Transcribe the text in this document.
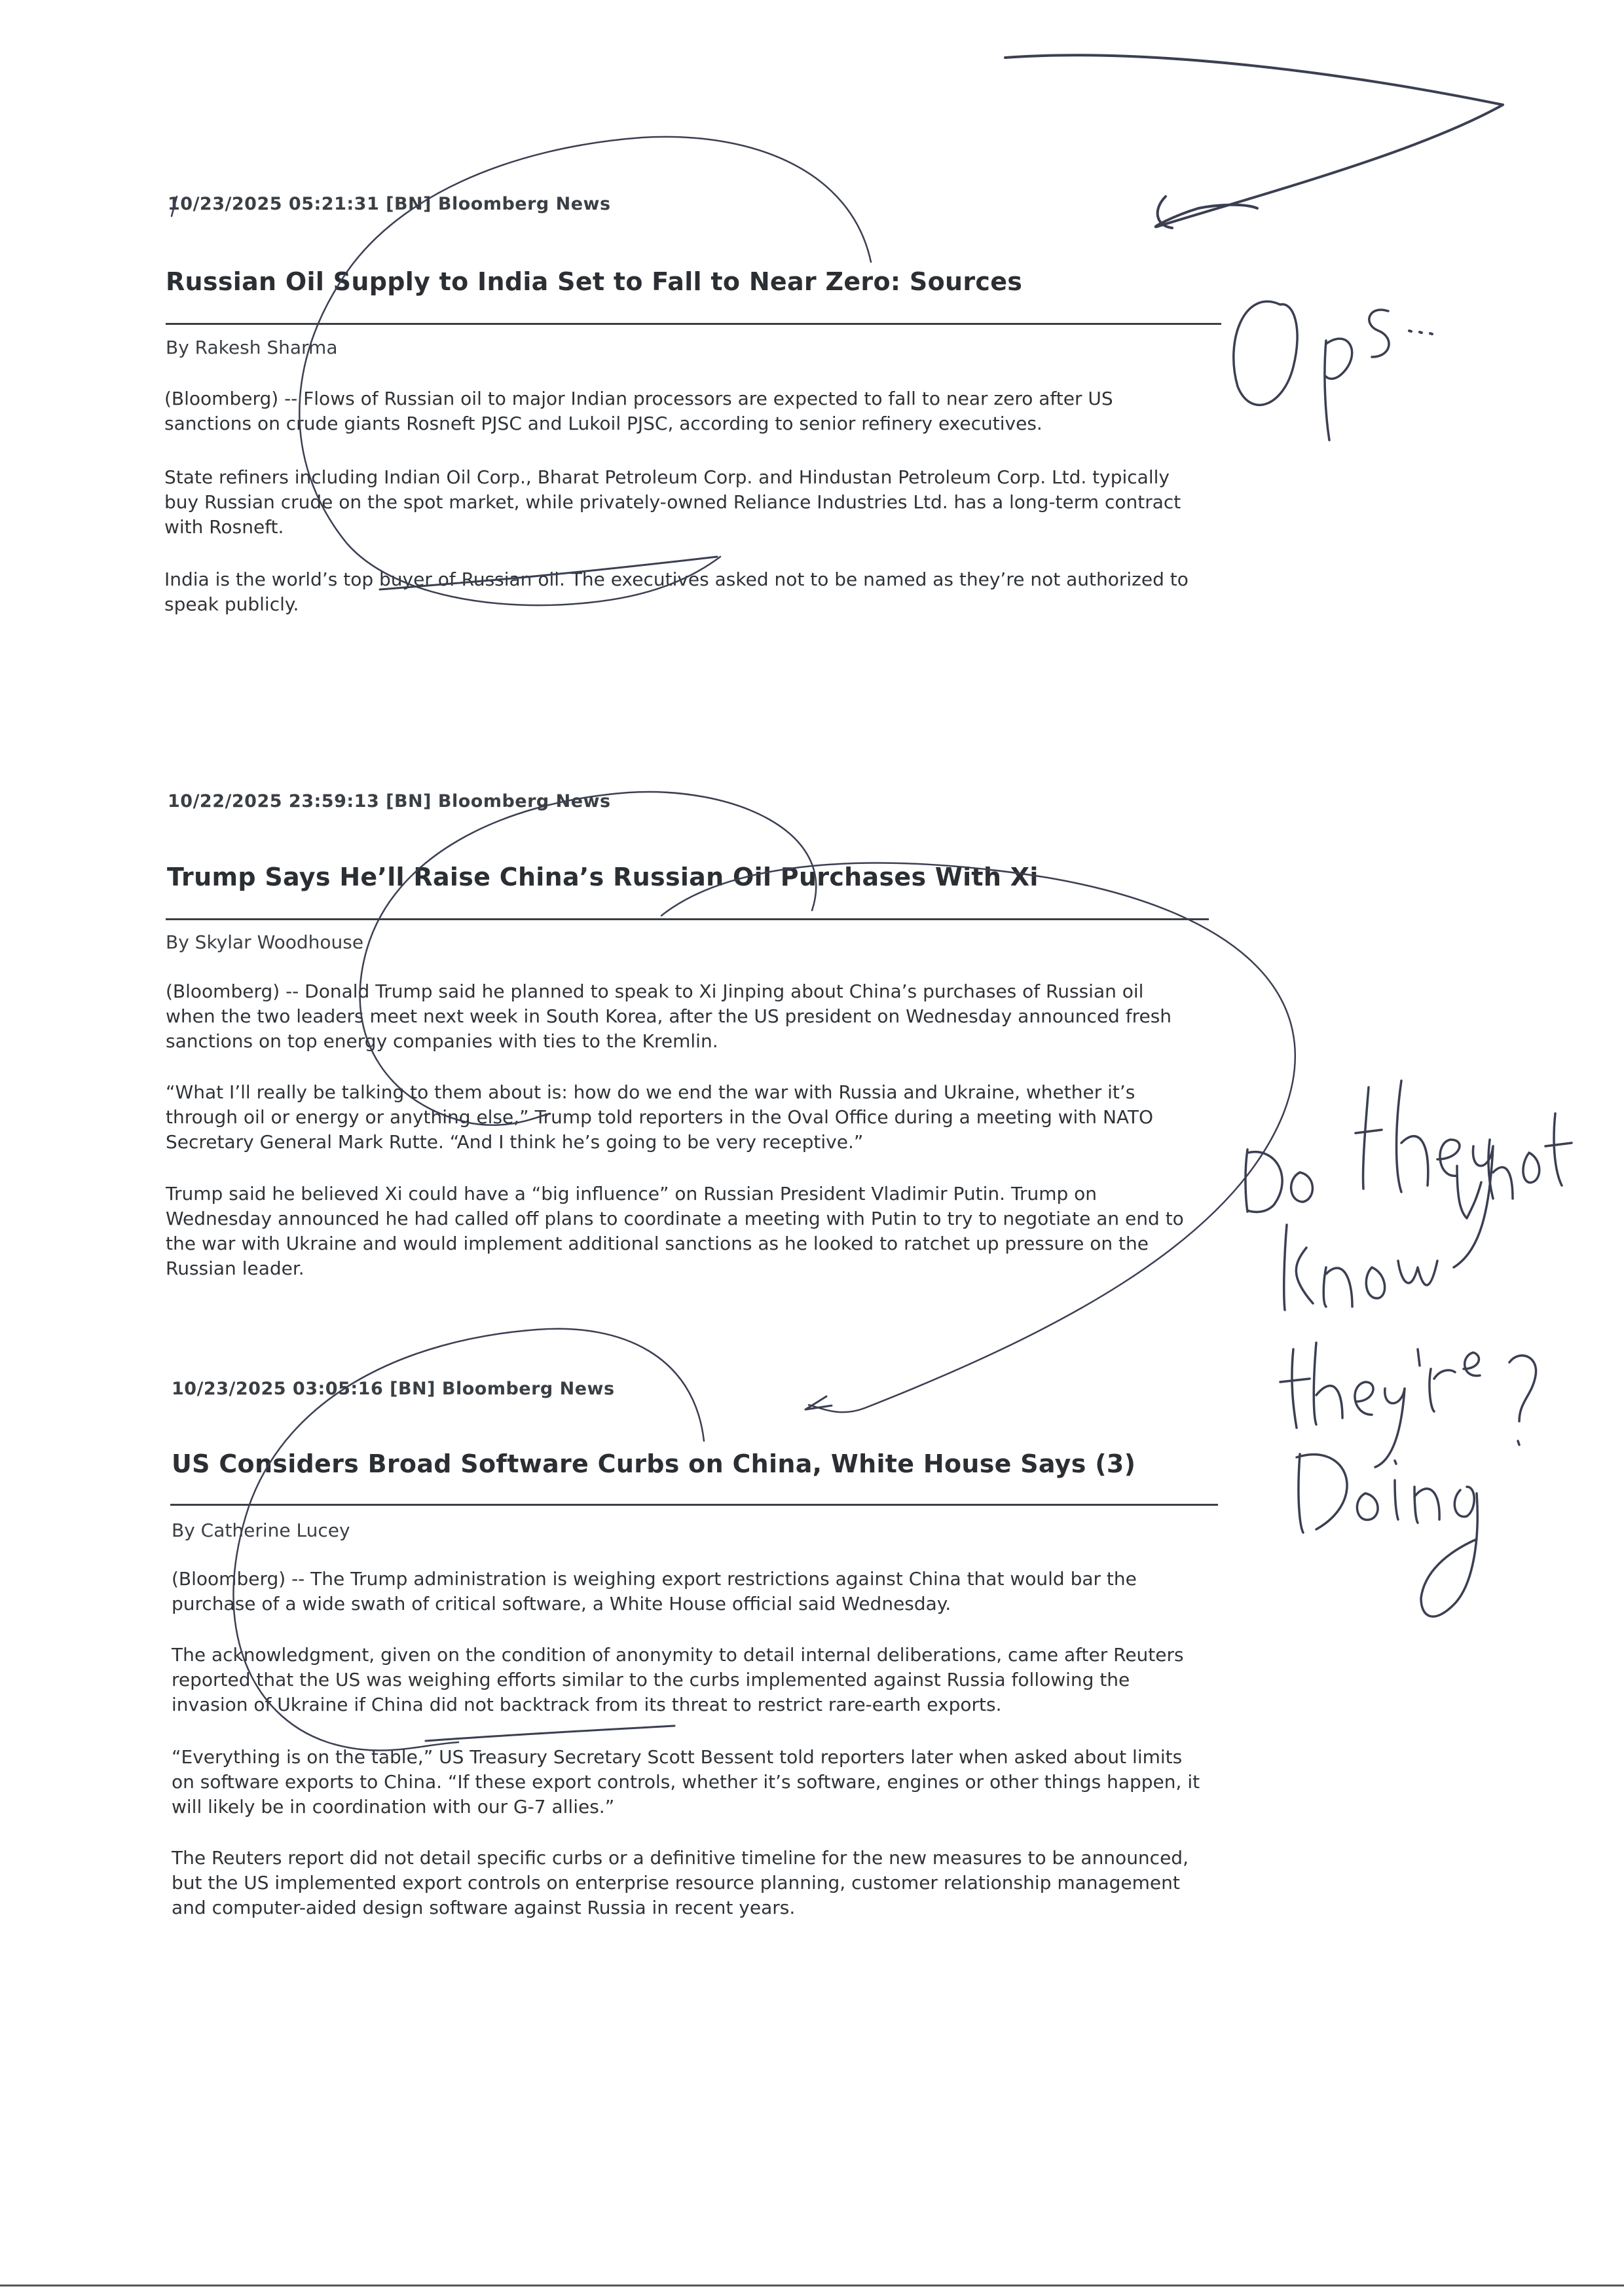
10/23/2025 05:21:31 [BN] Bloomberg News
Russian Oil Supply to India Set to Fall to Near Zero: Sources
By Rakesh Sharma
(Bloomberg) -- Flows of Russian oil to major Indian processors are expected to fall to near zero after US
sanctions on crude giants Rosneft PJSC and Lukoil PJSC, according to senior refinery executives.
State refiners including Indian Oil Corp., Bharat Petroleum Corp. and Hindustan Petroleum Corp. Ltd. typically
buy Russian crude on the spot market, while privately-owned Reliance Industries Ltd. has a long-term contract
with Rosneft.
India is the world’s top buyer of Russian oil. The executives asked not to be named as they’re not authorized to
speak publicly.
10/22/2025 23:59:13 [BN] Bloomberg News
Trump Says He’ll Raise China’s Russian Oil Purchases With Xi
By Skylar Woodhouse
(Bloomberg) -- Donald Trump said he planned to speak to Xi Jinping about China’s purchases of Russian oil
when the two leaders meet next week in South Korea, after the US president on Wednesday announced fresh
sanctions on top energy companies with ties to the Kremlin.
“What I’ll really be talking to them about is: how do we end the war with Russia and Ukraine, whether it’s
through oil or energy or anything else,” Trump told reporters in the Oval Office during a meeting with NATO
Secretary General Mark Rutte. “And I think he’s going to be very receptive.”
Trump said he believed Xi could have a “big influence” on Russian President Vladimir Putin. Trump on
Wednesday announced he had called off plans to coordinate a meeting with Putin to try to negotiate an end to
the war with Ukraine and would implement additional sanctions as he looked to ratchet up pressure on the
Russian leader.
10/23/2025 03:05:16 [BN] Bloomberg News
US Considers Broad Software Curbs on China, White House Says (3)
By Catherine Lucey
(Bloomberg) -- The Trump administration is weighing export restrictions against China that would bar the
purchase of a wide swath of critical software, a White House official said Wednesday.
The acknowledgment, given on the condition of anonymity to detail internal deliberations, came after Reuters
reported that the US was weighing efforts similar to the curbs implemented against Russia following the
invasion of Ukraine if China did not backtrack from its threat to restrict rare-earth exports.
“Everything is on the table,” US Treasury Secretary Scott Bessent told reporters later when asked about limits
on software exports to China. “If these export controls, whether it’s software, engines or other things happen, it
will likely be in coordination with our G-7 allies.”
The Reuters report did not detail specific curbs or a definitive timeline for the new measures to be announced,
but the US implemented export controls on enterprise resource planning, customer relationship management
and computer-aided design software against Russia in recent years.
